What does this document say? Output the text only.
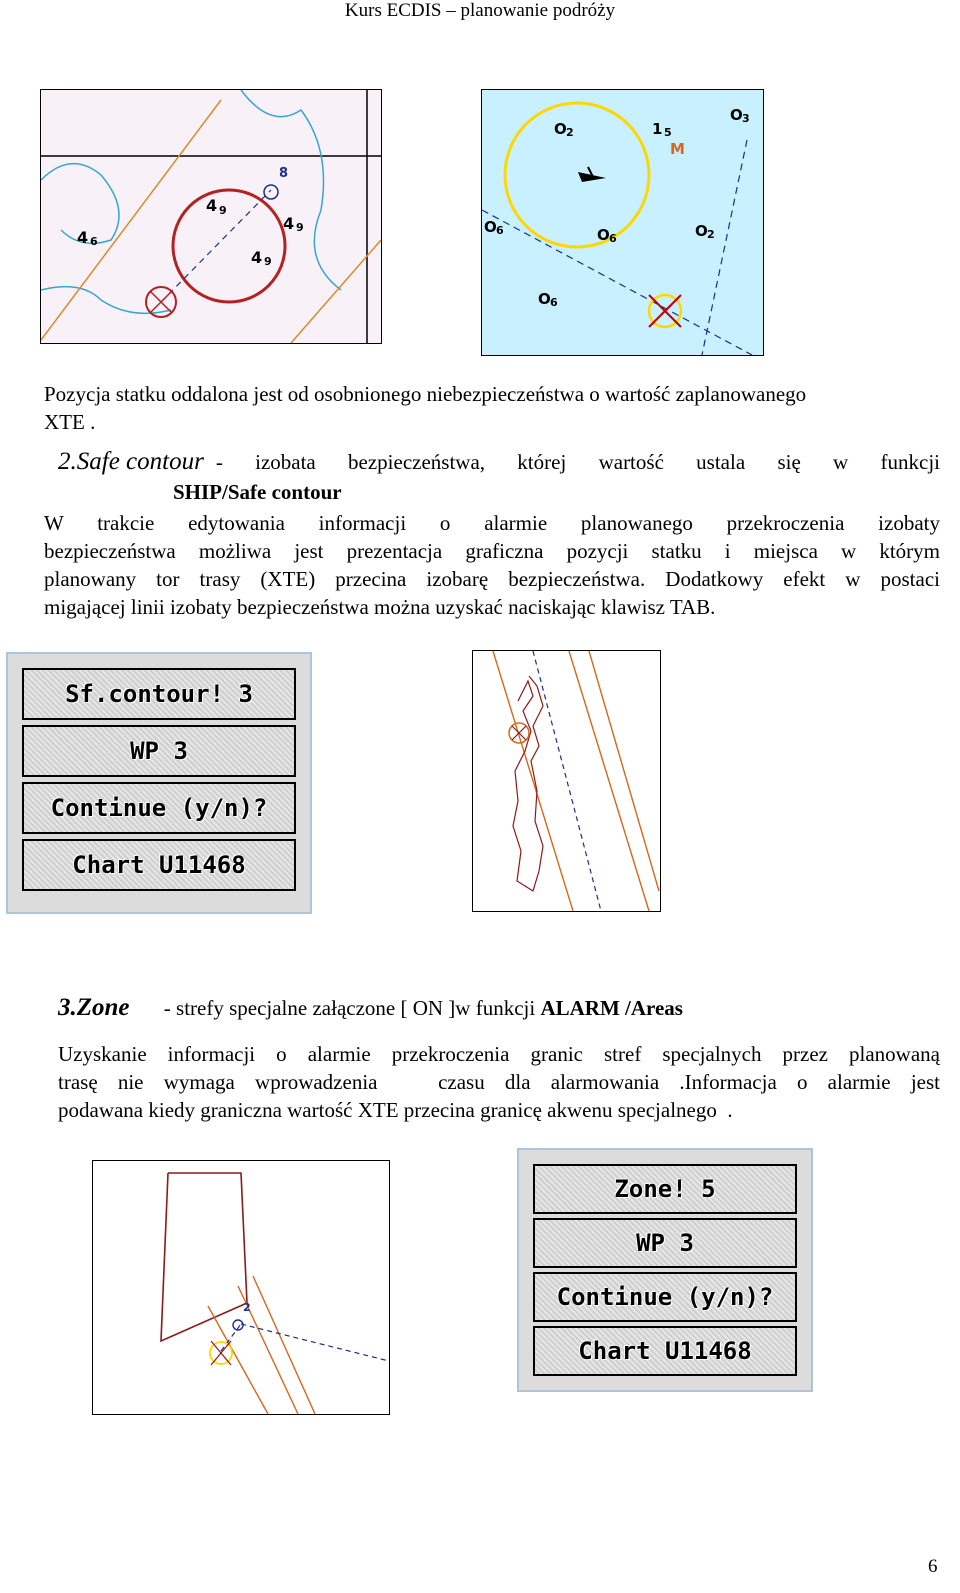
Kurs ECDIS – planowanie podróży
4 9
4 9
4 9
4 6
8
O 2	1 5
O 3
O 6	O 2
O 6
O 6
M
Pozycja statku oddalona jest od osobnionego niebezpieczeństwa o wartość zaplanowanego
XTE .
2.Safe contour - izobata bezpieczeństwa, której wartość ustala się w funkcji
SHIP/Safe contour
W trakcie edytowania informacji o alarmie planowanego przekroczenia izobaty
bezpieczeństwa możliwa jest prezentacja graficzna pozycji statku i miejsca w którym
planowany tor trasy (XTE) przecina izobarę bezpieczeństwa. Dodatkowy efekt w postaci
migającej linii izobaty bezpieczeństwa można uzyskać naciskając klawisz TAB.
Sf.contour! 3
WP 3
Continue (y/n)?
Chart U11468
3.Zone - strefy specjalne załączone [ ON ]w funkcji ALARM /Areas
Uzyskanie informacji o alarmie przekroczenia granic stref specjalnych przez planowaną
trasę nie wymaga wprowadzenia   czasu dla alarmowania .Informacja o alarmie jest
podawana kiedy graniczna wartość XTE przecina granicę akwenu specjalnego  .
2
Zone! 5
WP 3
Continue (y/n)?
Chart U11468
6
